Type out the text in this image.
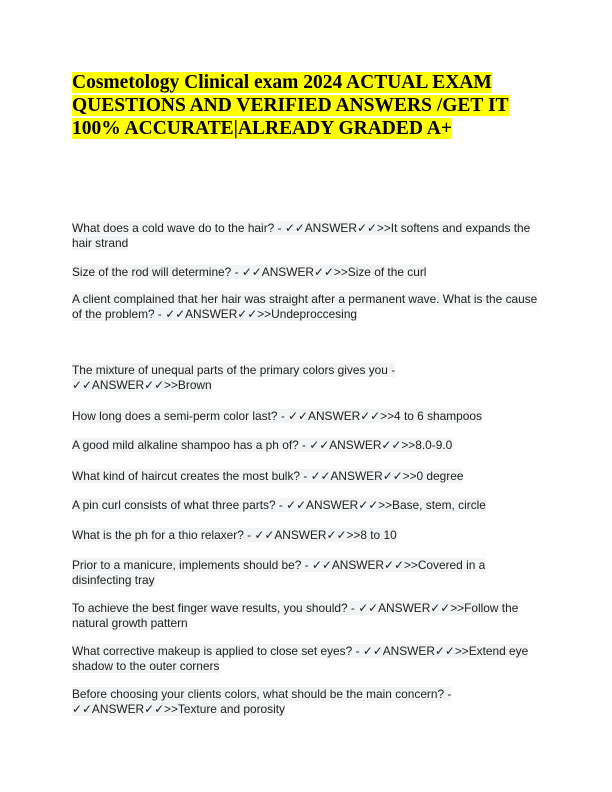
Cosmetology Clinical exam 2024 ACTUAL EXAM QUESTIONS AND VERIFIED ANSWERS /GET IT 100% ACCURATE|ALREADY GRADED A+

What does a cold wave do to the hair? - ✓✓ANSWER✓✓>>It softens and expands the hair strand

Size of the rod will determine? - ✓✓ANSWER✓✓>>Size of the curl

A client complained that her hair was straight after a permanent wave. What is the cause of the problem? - ✓✓ANSWER✓✓>>Undeproccesing

The mixture of unequal parts of the primary colors gives you - ✓✓ANSWER✓✓>>Brown

How long does a semi-perm color last? - ✓✓ANSWER✓✓>>4 to 6 shampoos

A good mild alkaline shampoo has a ph of? - ✓✓ANSWER✓✓>>8.0-9.0

What kind of haircut creates the most bulk? - ✓✓ANSWER✓✓>>0 degree

A pin curl consists of what three parts? - ✓✓ANSWER✓✓>>Base, stem, circle

What is the ph for a thio relaxer? - ✓✓ANSWER✓✓>>8 to 10

Prior to a manicure, implements should be? - ✓✓ANSWER✓✓>>Covered in a disinfecting tray

To achieve the best finger wave results, you should? - ✓✓ANSWER✓✓>>Follow the natural growth pattern

What corrective makeup is applied to close set eyes? - ✓✓ANSWER✓✓>>Extend eye shadow to the outer corners

Before choosing your clients colors, what should be the main concern? - ✓✓ANSWER✓✓>>Texture and porosity
